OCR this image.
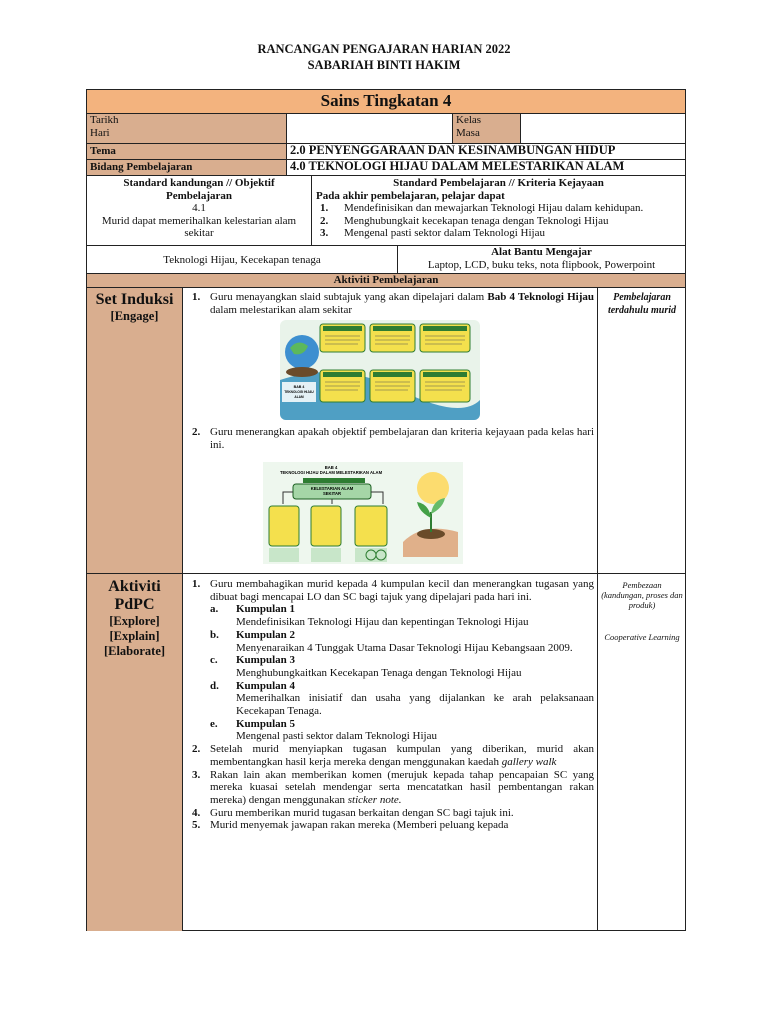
RANCANGAN PENGAJARAN HARIAN 2022
SABARIAH BINTI HAKIM
Sains Tingkatan 4
Tarikh
Hari
Kelas
Masa
Tema	2.0 PENYENGGARAAN DAN KESINAMBUNGAN HIDUP
Bidang Pembelajaran	4.0 TEKNOLOGI HIJAU DALAM MELESTARIKAN ALAM
Standard kandungan // Objektif Pembelajaran
4.1
Murid dapat memerihalkan kelestarian alam sekitar
Standard Pembelajaran // Kriteria Kejayaan
Pada akhir pembelajaran, pelajar dapat
1. Mendefinisikan dan mewajarkan Teknologi Hijau dalam kehidupan.
2. Menghubungkait kecekapan tenaga dengan Teknologi Hijau
3. Mengenal pasti sektor dalam Teknologi Hijau
Teknologi Hijau, Kecekapan tenaga
Alat Bantu Mengajar
Laptop, LCD, buku teks, nota flipbook, Powerpoint
Aktiviti Pembelajaran
Set Induksi
[Engage]
1. Guru menayangkan slaid subtajuk yang akan dipelajari dalam Bab 4 Teknologi Hijau dalam melestarikan alam sekitar
BAB 4
TEKNOLOGI HIJAU
ALAM
2. Guru menerangkan apakah objektif pembelajaran dan kriteria kejayaan pada kelas hari ini.
BAB 4
TEKNOLOGI HIJAU DALAM MELESTARIKAN ALAM
KELESTARIAN ALAM
SEKITAR
Pembelajaran terdahulu murid
Aktiviti PdPC
[Explore]
[Explain]
[Elaborate]
1. Guru membahagikan murid kepada 4 kumpulan kecil dan menerangkan tugasan yang dibuat bagi mencapai LO dan SC bagi tajuk yang dipelajari pada hari ini.
a. Kumpulan 1
Mendefinisikan Teknologi Hijau dan kepentingan Teknologi Hijau
b. Kumpulan 2
Menyenaraikan 4 Tunggak Utama Dasar Teknologi Hijau Kebangsaan 2009.
c. Kumpulan 3
Menghubungkaitkan Kecekapan Tenaga dengan Teknologi Hijau
d. Kumpulan 4
Memerihalkan inisiatif dan usaha yang dijalankan ke arah pelaksanaan Kecekapan Tenaga.
e. Kumpulan 5
Mengenal pasti sektor dalam Teknologi Hijau
2. Setelah murid menyiapkan tugasan kumpulan yang diberikan, murid akan membentangkan hasil kerja mereka dengan menggunakan kaedah gallery walk
3. Rakan lain akan memberikan komen (merujuk kepada tahap pencapaian SC yang mereka kuasai setelah mendengar serta mencatatkan hasil pembentangan rakan mereka) dengan menggunakan sticker note.
4. Guru memberikan murid tugasan berkaitan dengan SC bagi tajuk ini.
5. Murid menyemak jawapan rakan mereka (Memberi peluang kepada
Pembezaan (kandungan, proses dan produk)
Cooperative Learning
